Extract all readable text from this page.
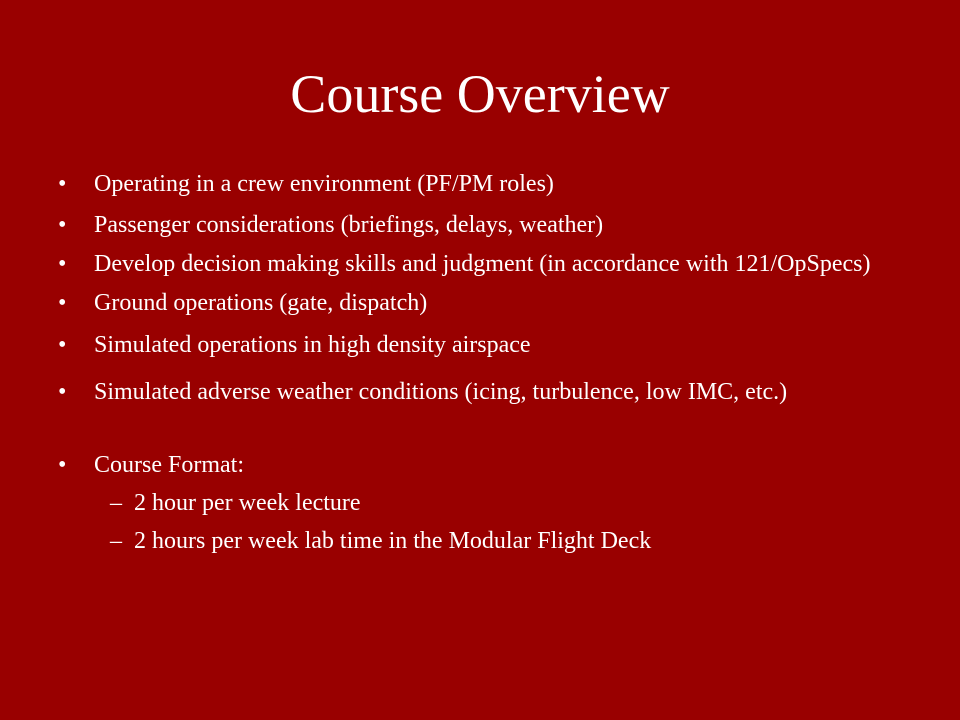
Course Overview
• Operating in a crew environment (PF/PM roles)
• Passenger considerations (briefings, delays, weather)
• Develop decision making skills and judgment (in accordance with 121/OpSpecs)
• Ground operations (gate, dispatch)
• Simulated operations in high density airspace
• Simulated adverse weather conditions (icing, turbulence, low IMC, etc.)
• Course Format:
– 2 hour per week lecture
– 2 hours per week lab time in the Modular Flight Deck
